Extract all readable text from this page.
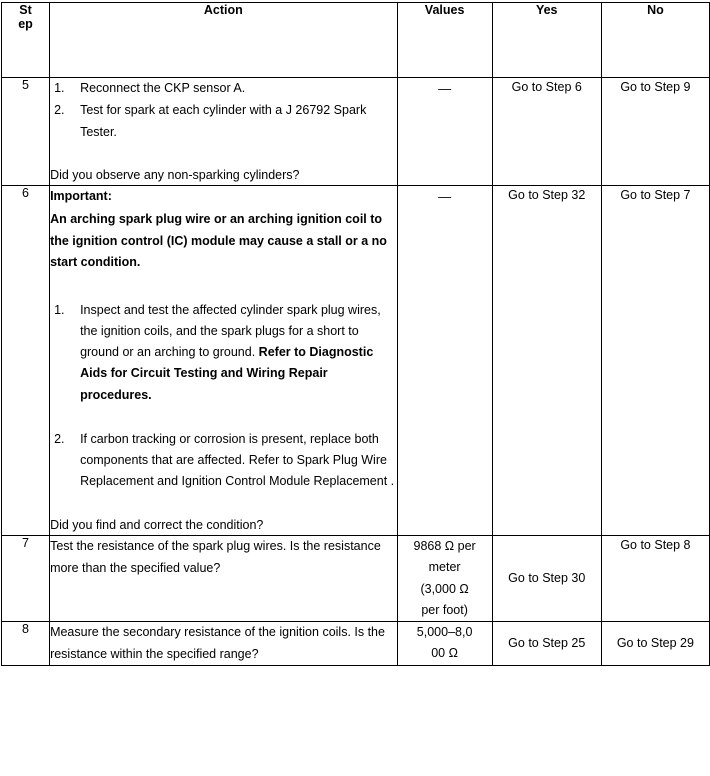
St
ep	Action	Values	Yes	No
5	1. Reconnect the CKP sensor A.
2. Test for spark at each cylinder with a J 26792 Spark Tester.
Did you observe any non-sparking cylinders?
	—	Go to Step 6	Go to Step 9
6	Important:
An arching spark plug wire or an arching ignition coil to the ignition control (IC) module may cause a stall or a no start condition.
1. Inspect and test the affected cylinder spark plug wires, the ignition coils, and the spark plugs for a short to ground or an arching to ground. Refer to Diagnostic Aids for Circuit Testing and Wiring Repair procedures.
2. If carbon tracking or corrosion is present, replace both components that are affected. Refer to Spark Plug Wire Replacement and Ignition Control Module Replacement .
Did you find and correct the condition?
	—	Go to Step 32	Go to Step 7
7	Test the resistance of the spark plug wires. Is the resistance more than the specified value?	9868 Ω per
meter
(3,000 Ω
per foot)	Go to Step 30	Go to Step 8
8	Measure the secondary resistance of the ignition coils. Is the resistance within the specified range?	5,000–8,0
00 Ω	Go to Step 25	Go to Step 29
